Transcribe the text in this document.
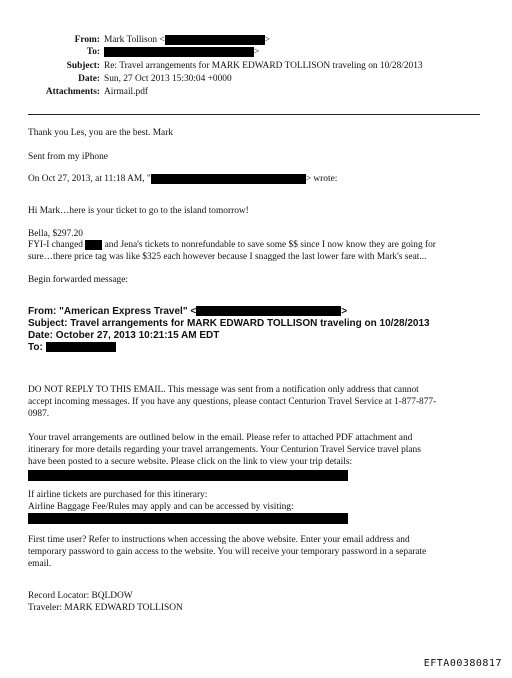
From: Mark Tollison <	>
To:	>
Subject: Re: Travel arrangements for MARK EDWARD TOLLISON traveling on 10/28/2013
Date: Sun, 27 Oct 2013 15:30:04 +0000
Attachments: Airmail.pdf
Thank you Les, you are the best. Mark
Sent from my iPhone
On Oct 27, 2013, at 11:18 AM, "	> wrote:
Hi Mark…here is your ticket to go to the island tomorrow!
Bella, $297.20
FYI-I changed and Jena's tickets to nonrefundable to save some $$ since I now know they are going for
sure…there price tag was like $325 each however because I snagged the last lower fare with Mark's seat...
Begin forwarded message:
From: "American Express Travel" <	>
Subject: Travel arrangements for MARK EDWARD TOLLISON traveling on 10/28/2013
Date: October 27, 2013 10:21:15 AM EDT
To:
DO NOT REPLY TO THIS EMAIL. This message was sent from a notification only address that cannot
accept incoming messages. If you have any questions, please contact Centurion Travel Service at 1-877-877-
0987.
Your travel arrangements are outlined below in the email. Please refer to attached PDF attachment and
itinerary for more details regarding your travel arrangements. Your Centurion Travel Service travel plans
have been posted to a secure website. Please click on the link to view your trip details:
If airline tickets are purchased for this itinerary:
Airline Baggage Fee/Rules may apply and can be accessed by visiting:
First time user? Refer to instructions when accessing the above website. Enter your email address and
temporary password to gain access to the website. You will receive your temporary password in a separate
email.
Record Locator: BQLDOW
Traveler: MARK EDWARD TOLLISON
EFTA00380817
